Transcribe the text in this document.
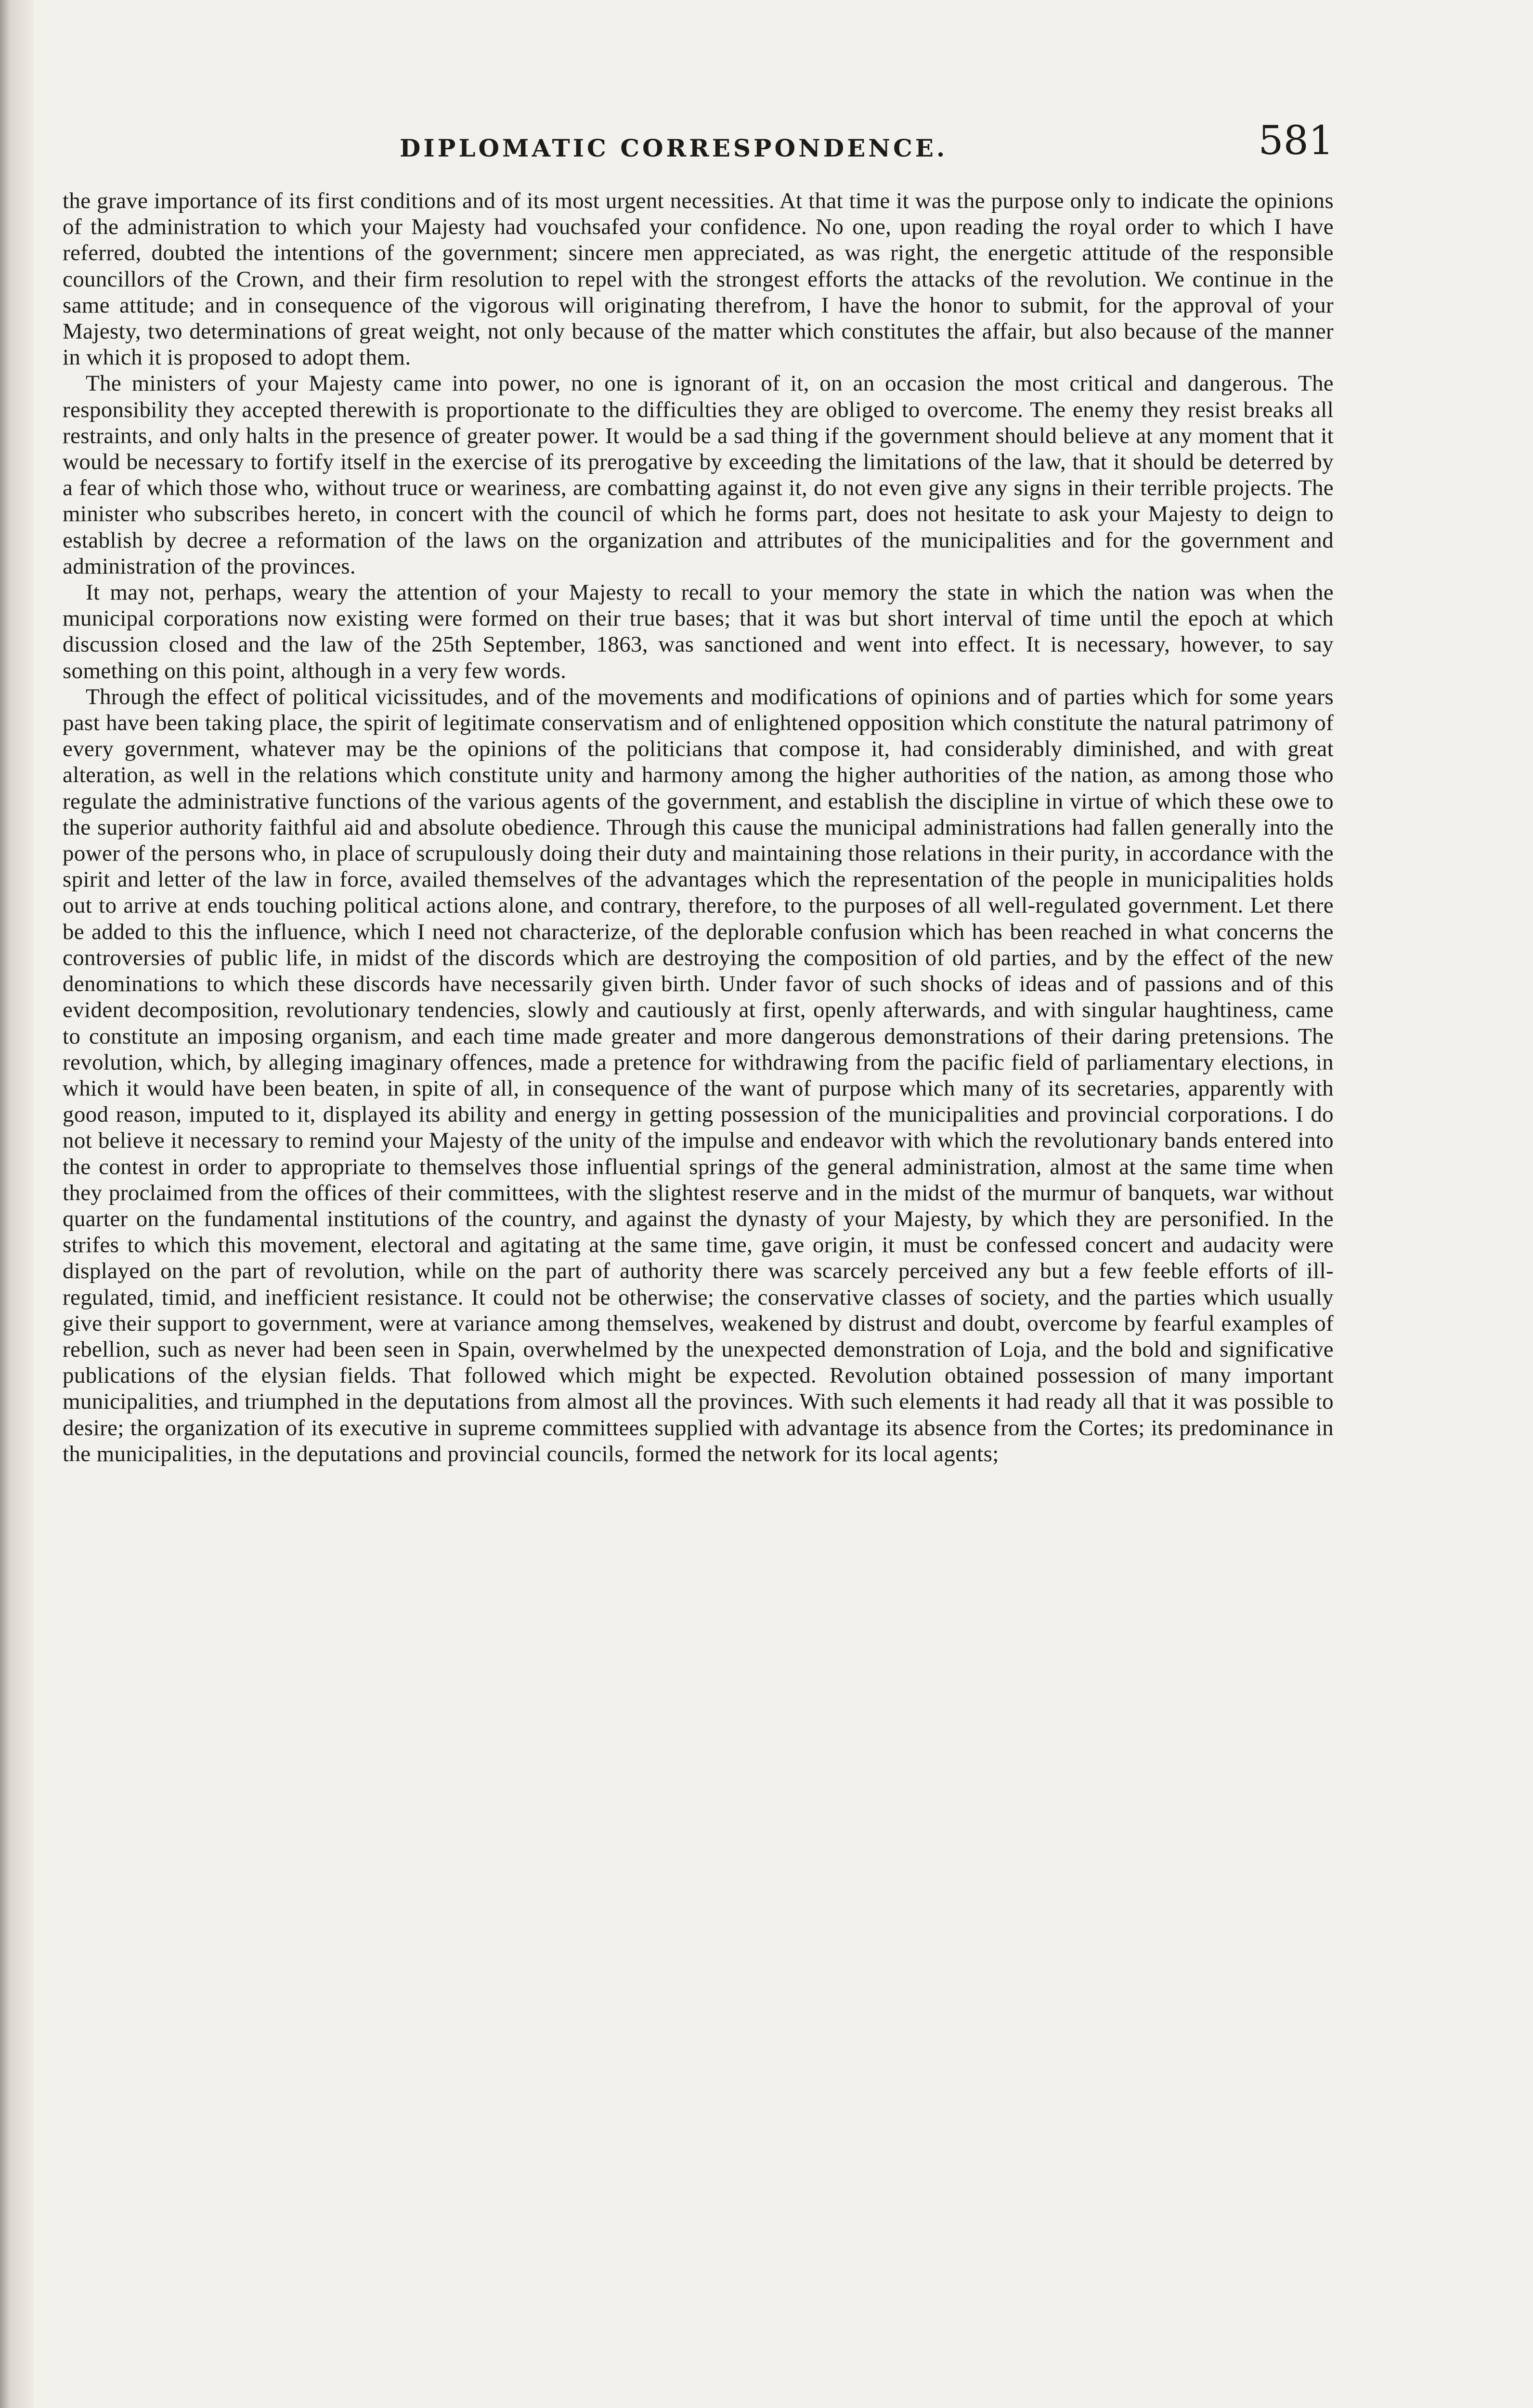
DIPLOMATIC CORRESPONDENCE.	581

the grave importance of its first conditions and of its most urgent necessities. At that time it was the purpose only to indicate the opinions of the administration to which your Majesty had vouchsafed your confidence. No one, upon reading the royal order to which I have referred, doubted the intentions of the government; sincere men appreciated, as was right, the energetic attitude of the responsible councillors of the Crown, and their firm resolution to repel with the strongest efforts the attacks of the revolution. We continue in the same attitude; and in consequence of the vigorous will originating therefrom, I have the honor to submit, for the approval of your Majesty, two determinations of great weight, not only because of the matter which constitutes the affair, but also because of the manner in which it is proposed to adopt them.

The ministers of your Majesty came into power, no one is ignorant of it, on an occasion the most critical and dangerous. The responsibility they accepted therewith is proportionate to the difficulties they are obliged to overcome. The enemy they resist breaks all restraints, and only halts in the presence of greater power. It would be a sad thing if the government should believe at any moment that it would be necessary to fortify itself in the exercise of its prerogative by exceeding the limitations of the law, that it should be deterred by a fear of which those who, without truce or weariness, are combatting against it, do not even give any signs in their terrible projects. The minister who subscribes hereto, in concert with the council of which he forms part, does not hesitate to ask your Majesty to deign to establish by decree a reformation of the laws on the organization and attributes of the municipalities and for the government and administration of the provinces.

It may not, perhaps, weary the attention of your Majesty to recall to your memory the state in which the nation was when the municipal corporations now existing were formed on their true bases; that it was but short interval of time until the epoch at which discussion closed and the law of the 25th September, 1863, was sanctioned and went into effect. It is necessary, however, to say something on this point, although in a very few words.

Through the effect of political vicissitudes, and of the movements and modifications of opinions and of parties which for some years past have been taking place, the spirit of legitimate conservatism and of enlightened opposition which constitute the natural patrimony of every government, whatever may be the opinions of the politicians that compose it, had considerably diminished, and with great alteration, as well in the relations which constitute unity and harmony among the higher authorities of the nation, as among those who regulate the administrative functions of the various agents of the government, and establish the discipline in virtue of which these owe to the superior authority faithful aid and absolute obedience. Through this cause the municipal administrations had fallen generally into the power of the persons who, in place of scrupulously doing their duty and maintaining those relations in their purity, in accordance with the spirit and letter of the law in force, availed themselves of the advantages which the representation of the people in municipalities holds out to arrive at ends touching political actions alone, and contrary, therefore, to the purposes of all well-regulated government. Let there be added to this the influence, which I need not characterize, of the deplorable confusion which has been reached in what concerns the controversies of public life, in midst of the discords which are destroying the composition of old parties, and by the effect of the new denominations to which these discords have necessarily given birth. Under favor of such shocks of ideas and of passions and of this evident decomposition, revolutionary tendencies, slowly and cautiously at first, openly afterwards, and with singular haughtiness, came to constitute an imposing organism, and each time made greater and more dangerous demonstrations of their daring pretensions. The revolution, which, by alleging imaginary offences, made a pretence for withdrawing from the pacific field of parliamentary elections, in which it would have been beaten, in spite of all, in consequence of the want of purpose which many of its secretaries, apparently with good reason, imputed to it, displayed its ability and energy in getting possession of the municipalities and provincial corporations. I do not believe it necessary to remind your Majesty of the unity of the impulse and endeavor with which the revolutionary bands entered into the contest in order to appropriate to themselves those influential springs of the general administration, almost at the same time when they proclaimed from the offices of their committees, with the slightest reserve and in the midst of the murmur of banquets, war without quarter on the fundamental institutions of the country, and against the dynasty of your Majesty, by which they are personified. In the strifes to which this movement, electoral and agitating at the same time, gave origin, it must be confessed concert and audacity were displayed on the part of revolution, while on the part of authority there was scarcely perceived any but a few feeble efforts of ill-regulated, timid, and inefficient resistance. It could not be otherwise; the conservative classes of society, and the parties which usually give their support to government, were at variance among themselves, weakened by distrust and doubt, overcome by fearful examples of rebellion, such as never had been seen in Spain, overwhelmed by the unexpected demonstration of Loja, and the bold and significative publications of the elysian fields. That followed which might be expected. Revolution obtained possession of many important municipalities, and triumphed in the deputations from almost all the provinces. With such elements it had ready all that it was possible to desire; the organization of its executive in supreme committees supplied with advantage its absence from the Cortes; its predominance in the municipalities, in the deputations and provincial councils, formed the network for its local agents;
